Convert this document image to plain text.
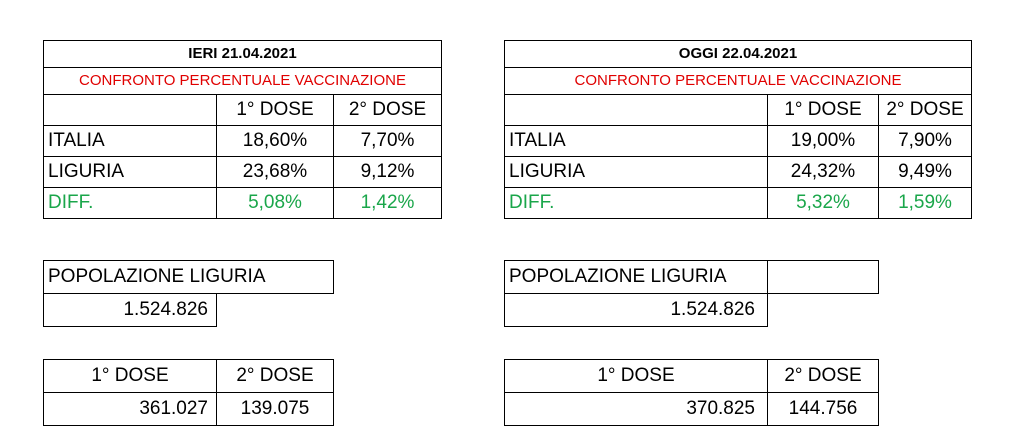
IERI 21.04.2021		
CONFRONTO PERCENTUALE VACCINAZIONE		
	1° DOSE	2° DOSE
ITALIA	18,60%	7,70%
LIGURIA	23,68%	9,12%
DIFF.	5,08%	1,42%
OGGI 22.04.2021		
CONFRONTO PERCENTUALE VACCINAZIONE		
	1° DOSE	2° DOSE
ITALIA	19,00%	7,90%
LIGURIA	24,32%	9,49%
DIFF.	5,32%	1,59%
POPOLAZIONE LIGURIA
1.524.826	
POPOLAZIONE LIGURIA	
1.524.826	
1° DOSE	2° DOSE
361.027	139.075
1° DOSE	2° DOSE
370.825	144.756
